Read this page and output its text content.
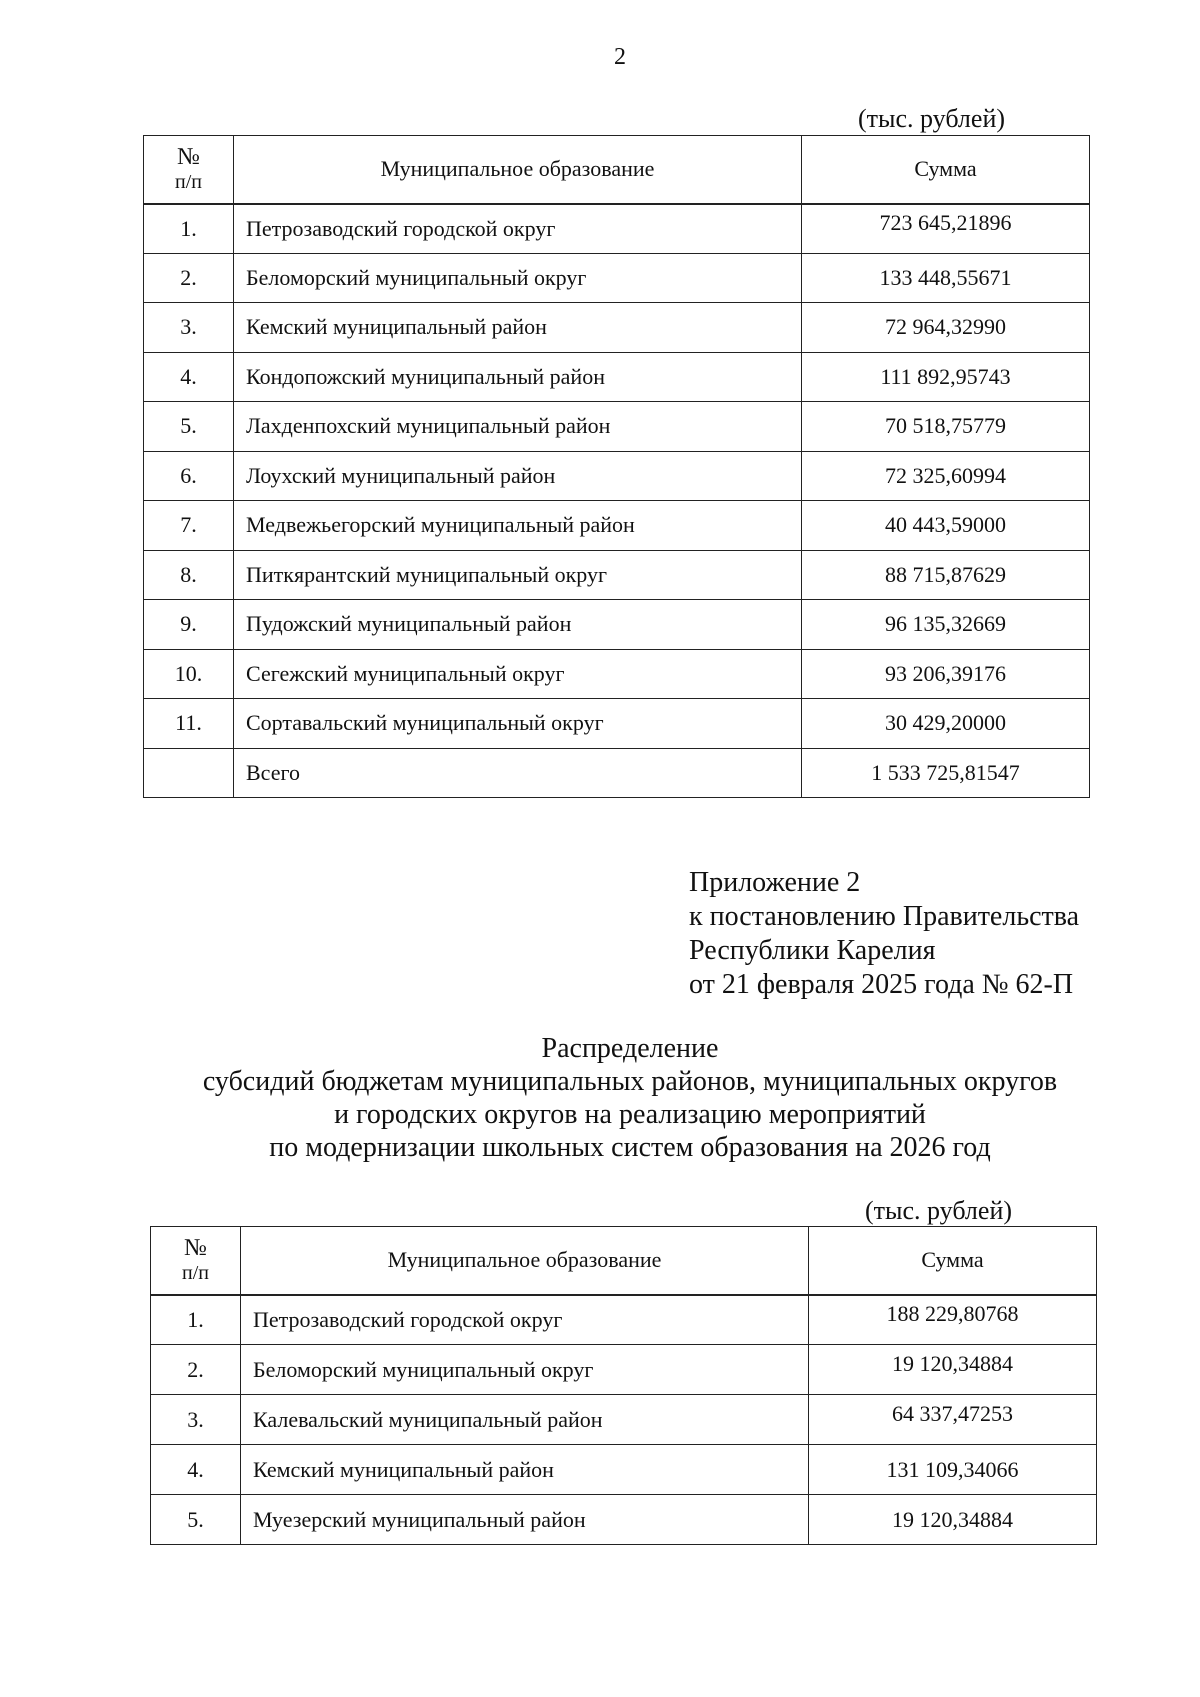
2
(тыс. рублей)
№
п/п	Муниципальное образование	Сумма
1.	Петрозаводский городской округ	723 645,21896
2.	Беломорский муниципальный округ	133 448,55671
3.	Кемский муниципальный район	72 964,32990
4.	Кондопожский муниципальный район	111 892,95743
5.	Лахденпохский муниципальный район	70 518,75779
6.	Лоухский муниципальный район	72 325,60994
7.	Медвежьегорский муниципальный район	40 443,59000
8.	Питкярантский муниципальный округ	88 715,87629
9.	Пудожский муниципальный район	96 135,32669
10.	Сегежский муниципальный округ	93 206,39176
11.	Сортавальский муниципальный округ	30 429,20000
	Всего	1 533 725,81547
Приложение 2
к постановлению Правительства
Республики Карелия
от 21 февраля 2025 года № 62-П
Распределение
субсидий бюджетам муниципальных районов, муниципальных округов
и городских округов на реализацию мероприятий
по модернизации школьных систем образования на 2026 год
(тыс. рублей)
№
п/п	Муниципальное образование	Сумма
1.	Петрозаводский городской округ	188 229,80768
2.	Беломорский муниципальный округ	19 120,34884
3.	Калевальский муниципальный район	64 337,47253
4.	Кемский муниципальный район	131 109,34066
5.	Муезерский муниципальный район	19 120,34884
